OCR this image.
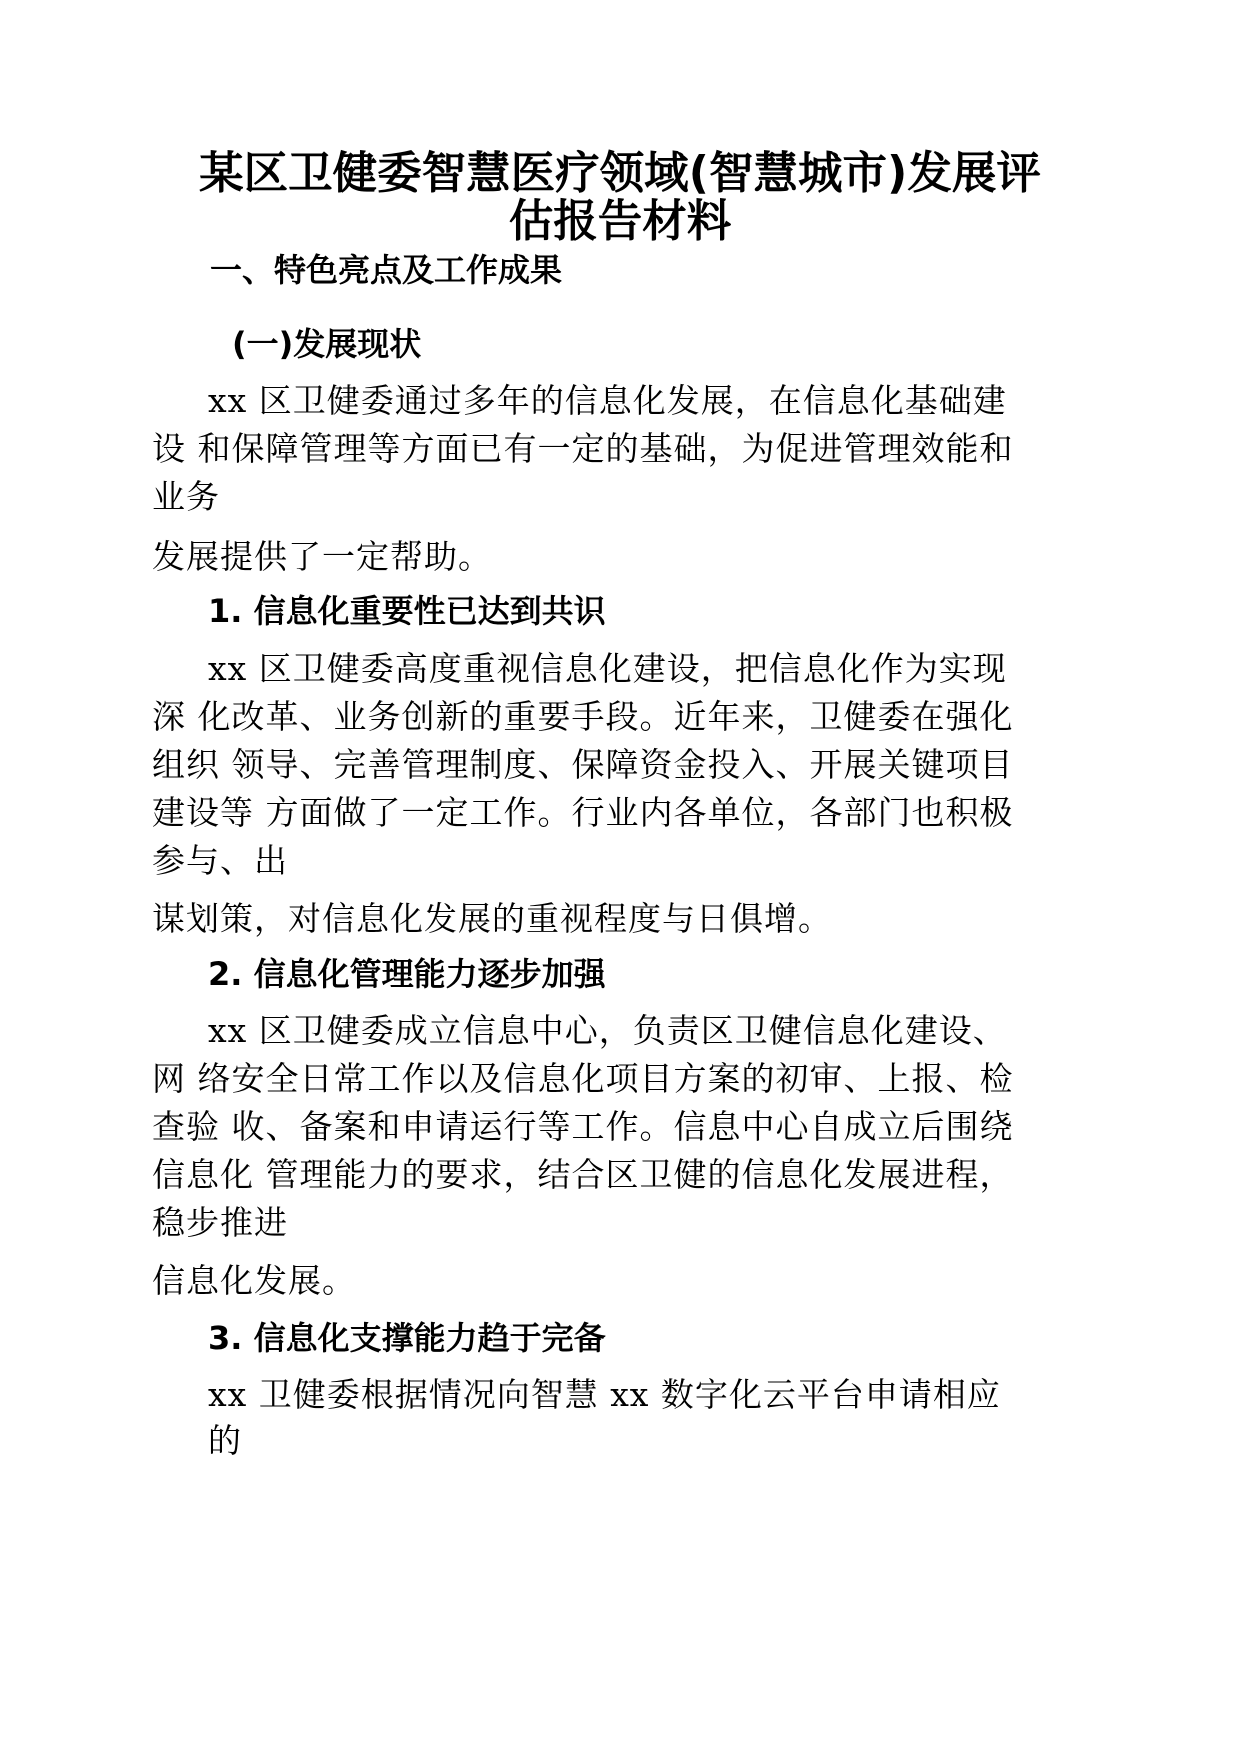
某区卫健委智慧医疗领域(智慧城市)发展评
估报告材料
一、特色亮点及工作成果
(一)发展现状
xx 区卫健委通过多年的信息化发展，在信息化基础建
设 和保障管理等方面已有一定的基础，为促进管理效能和
业务
发展提供了一定帮助。
1. 信息化重要性已达到共识
xx 区卫健委高度重视信息化建设，把信息化作为实现
深 化改革、业务创新的重要手段。近年来，卫健委在强化
组织 领导、完善管理制度、保障资金投入、开展关键项目
建设等 方面做了一定工作。行业内各单位，各部门也积极
参与、出
谋划策，对信息化发展的重视程度与日俱增。
2. 信息化管理能力逐步加强
xx 区卫健委成立信息中心，负责区卫健信息化建设、
网 络安全日常工作以及信息化项目方案的初审、上报、检
查验 收、备案和申请运行等工作。信息中心自成立后围绕
信息化 管理能力的要求，结合区卫健的信息化发展进程，
稳步推进
信息化发展。
3. 信息化支撑能力趋于完备
xx 卫健委根据情况向智慧 xx 数字化云平台申请相应
的
